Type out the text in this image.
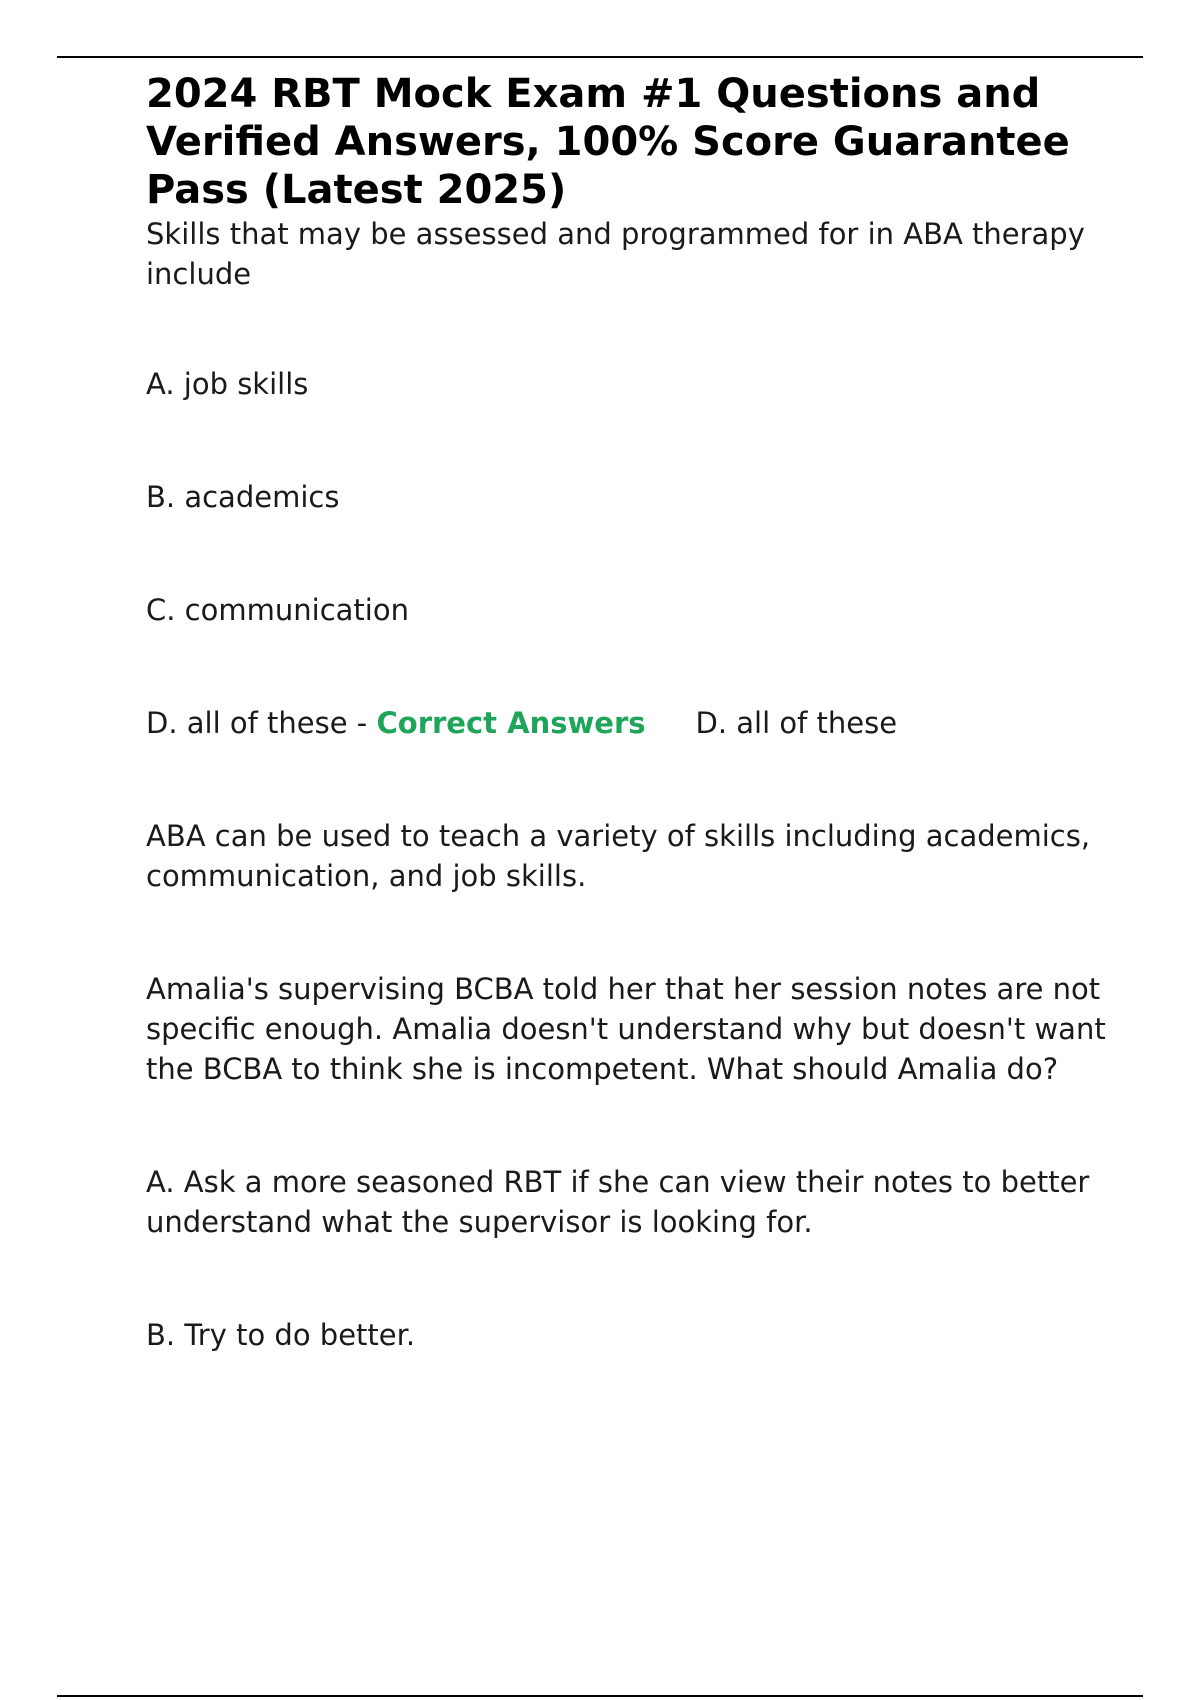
2024 RBT Mock Exam #1 Questions and Verified Answers, 100% Score Guarantee Pass (Latest 2025)

Skills that may be assessed and programmed for in ABA therapy include

A. job skills

B. academics

C. communication

D. all of these - Correct Answers D. all of these

ABA can be used to teach a variety of skills including academics, communication, and job skills.

Amalia's supervising BCBA told her that her session notes are not specific enough. Amalia doesn't understand why but doesn't want the BCBA to think she is incompetent. What should Amalia do?

A. Ask a more seasoned RBT if she can view their notes to better understand what the supervisor is looking for.

B. Try to do better.
